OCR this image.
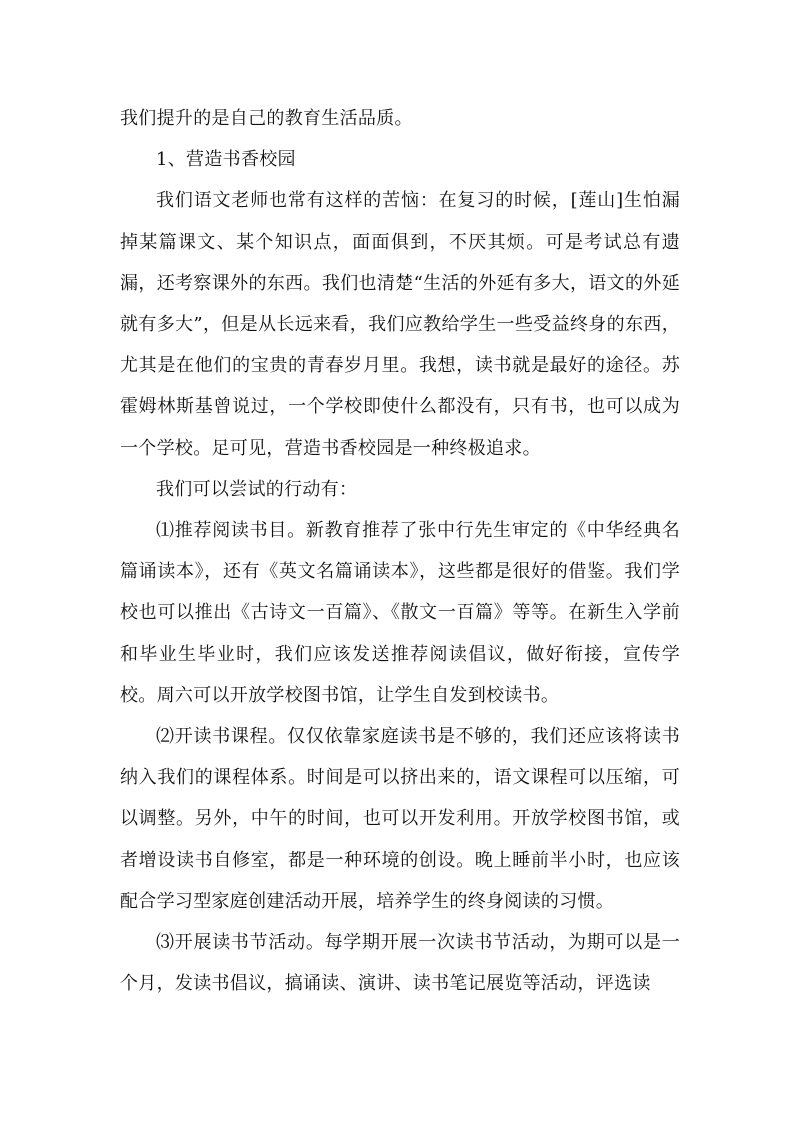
我们提升的是自己的教育生活品质。

1、营造书香校园

我们语文老师也常有这样的苦恼：在复习的时候，[莲山]生怕漏掉某篇课文、某个知识点，面面俱到，不厌其烦。可是考试总有遗漏，还考察课外的东西。我们也清楚“生活的外延有多大，语文的外延就有多大”，但是从长远来看，我们应教给学生一些受益终身的东西，尤其是在他们的宝贵的青春岁月里。我想，读书就是最好的途径。苏霍姆林斯基曾说过，一个学校即使什么都没有，只有书，也可以成为一个学校。足可见，营造书香校园是一种终极追求。

我们可以尝试的行动有：

⑴推荐阅读书目。新教育推荐了张中行先生审定的《中华经典名篇诵读本》，还有《英文名篇诵读本》，这些都是很好的借鉴。我们学校也可以推出《古诗文一百篇》、《散文一百篇》等等。在新生入学前和毕业生毕业时，我们应该发送推荐阅读倡议，做好衔接，宣传学校。周六可以开放学校图书馆，让学生自发到校读书。

⑵开读书课程。仅仅依靠家庭读书是不够的，我们还应该将读书纳入我们的课程体系。时间是可以挤出来的，语文课程可以压缩，可以调整。另外，中午的时间，也可以开发利用。开放学校图书馆，或者增设读书自修室，都是一种环境的创设。晚上睡前半小时，也应该配合学习型家庭创建活动开展，培养学生的终身阅读的习惯。

⑶开展读书节活动。每学期开展一次读书节活动，为期可以是一个月，发读书倡议，搞诵读、演讲、读书笔记展览等活动，评选读
